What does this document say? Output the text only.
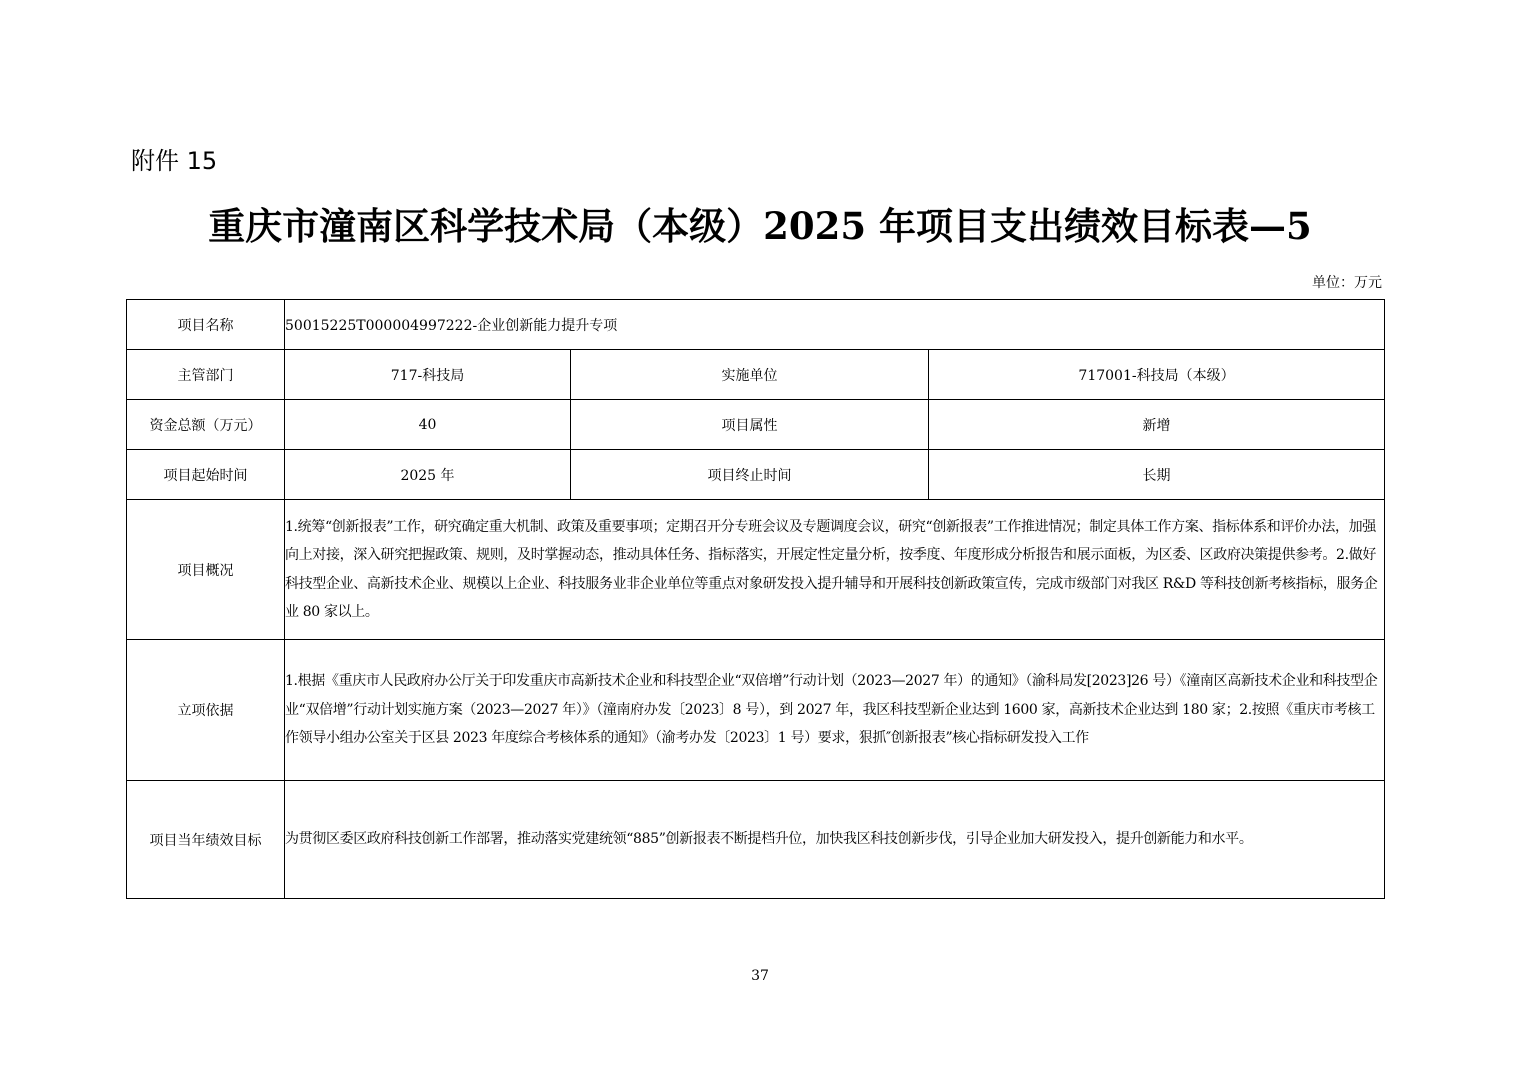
附件 15
重庆市潼南区科学技术局（本级）2025 年项目支出绩效目标表—5
单位：万元
项目名称	50015225T000004997222-企业创新能力提升专项		
主管部门	717-科技局	实施单位	717001-科技局（本级）
资金总额（万元）	40	项目属性	新增
项目起始时间	2025 年	项目终止时间	长期
项目概况	1.统筹“创新报表”工作，研究确定重大机制、政策及重要事项；定期召开分专班会议及专题调度会议，研究“创新报表”工作推进情况；制定具体工作方案、指标体系和评价办法，加强向上对接，深入研究把握政策、规则，及时掌握动态，推动具体任务、指标落实，开展定性定量分析，按季度、年度形成分析报告和展示面板，为区委、区政府决策提供参考。2.做好科技型企业、高新技术企业、规模以上企业、科技服务业非企业单位等重点对象研发投入提升辅导和开展科技创新政策宣传，完成市级部门对我区 R&D 等科技创新考核指标，服务企业 80 家以上。		
立项依据	1.根据《重庆市人民政府办公厅关于印发重庆市高新技术企业和科技型企业“双倍增”行动计划（2023—2027 年）的通知》（渝科局发[2023]26 号）《潼南区高新技术企业和科技型企业“双倍增”行动计划实施方案（2023—2027 年）》（潼南府办发〔2023〕8 号），到 2027 年，我区科技型新企业达到 1600 家，高新技术企业达到 180 家；2.按照《重庆市考核工作领导小组办公室关于区县 2023 年度综合考核体系的通知》（渝考办发〔2023〕1 号）要求，狠抓″创新报表”核心指标研发投入工作		
项目当年绩效目标	为贯彻区委区政府科技创新工作部署，推动落实党建统领“885”创新报表不断提档升位，加快我区科技创新步伐，引导企业加大研发投入，提升创新能力和水平。		
37
